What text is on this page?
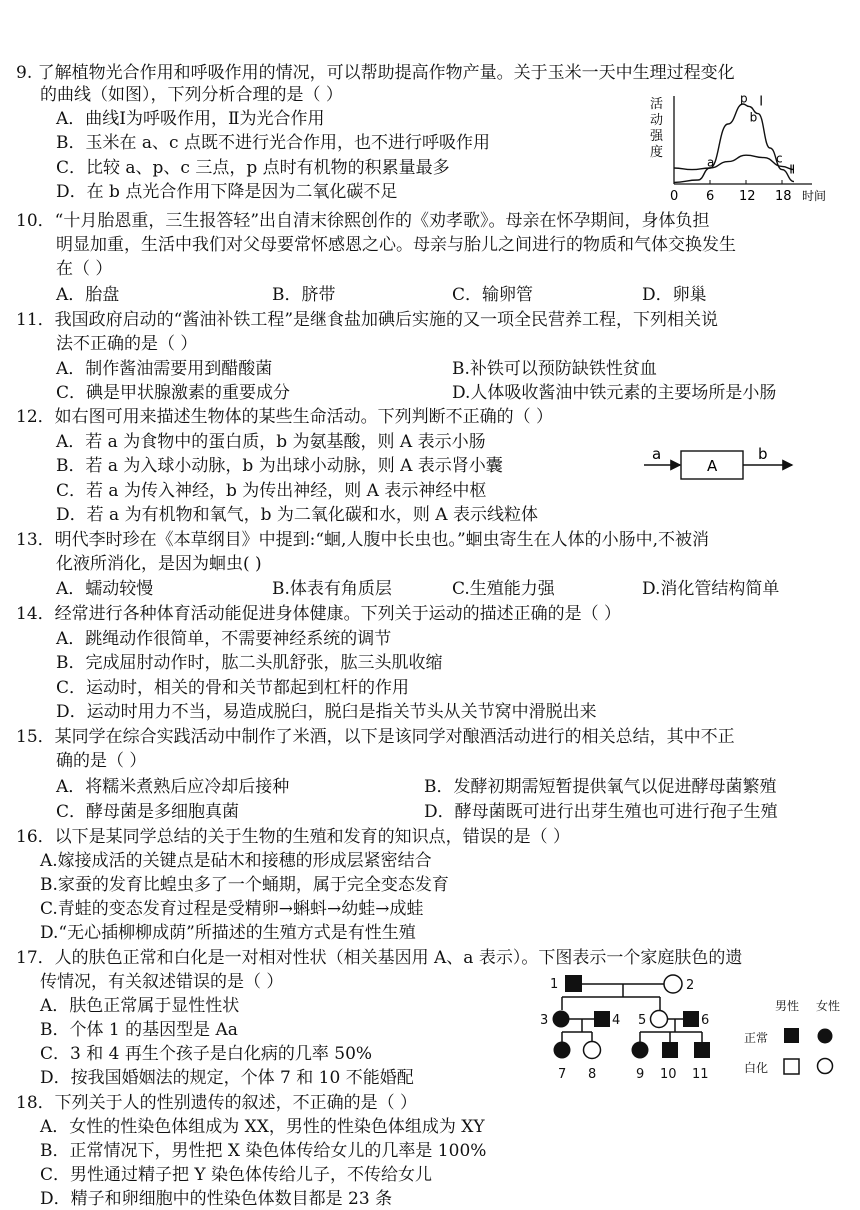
9. 了解植物光合作用和呼吸作用的情况，可以帮助提高作物产量。关于玉米一天中生理过程变化
的曲线（如图），下列分析合理的是（ ）
A．曲线Ⅰ为呼吸作用，Ⅱ为光合作用
B．玉米在 a、c 点既不进行光合作用，也不进行呼吸作用
C．比较 a、p、c 三点，p 点时有机物的积累量最多
D．在 b 点光合作用下降是因为二氧化碳不足	0 6 12 18 时间
Ⅰ
Ⅱ
p
b
a	c
活
动
强
度
10．“十月胎恩重，三生报答轻”出自清末徐熙创作的《劝孝歌》。母亲在怀孕期间，身体负担
明显加重，生活中我们对父母要常怀感恩之心。母亲与胎儿之间进行的物质和气体交换发生
在（ ）
A．胎盘	B．脐带	C．输卵管	D．卵巢
11．我国政府启动的“酱油补铁工程”是继食盐加碘后实施的又一项全民营养工程，下列相关说
法不正确的是（ ）
A．制作酱油需要用到醋酸菌	B.补铁可以预防缺铁性贫血
C．碘是甲状腺激素的重要成分	D.人体吸收酱油中铁元素的主要场所是小肠
12．如右图可用来描述生物体的某些生命活动。下列判断不正确的（ ）
A．若 a 为食物中的蛋白质，b 为氨基酸，则 A 表示小肠
B．若 a 为入球小动脉，b 为出球小动脉，则 A 表示肾小囊
C．若 a 为传入神经，b 为传出神经，则 A 表示神经中枢
D．若 a 为有机物和氧气，b 为二氧化碳和水，则 A 表示线粒体
a
A
b
13．明代李时珍在《本草纲目》中提到:“蛔,人腹中长虫也。”蛔虫寄生在人体的小肠中,不被消
化液所消化，是因为蛔虫( )
A．蠕动较慢	B.体表有角质层	C.生殖能力强	D.消化管结构简单
14．经常进行各种体育活动能促进身体健康。下列关于运动的描述正确的是（ ）
A．跳绳动作很简单，不需要神经系统的调节
B．完成屈肘动作时，肱二头肌舒张，肱三头肌收缩
C．运动时，相关的骨和关节都起到杠杆的作用
D．运动时用力不当，易造成脱臼，脱臼是指关节头从关节窝中滑脱出来
15．某同学在综合实践活动中制作了米酒，以下是该同学对酿酒活动进行的相关总结，其中不正
确的是（ ）
A．将糯米煮熟后应冷却后接种	B．发酵初期需短暂提供氧气以促进酵母菌繁殖
C．酵母菌是多细胞真菌	D．酵母菌既可进行出芽生殖也可进行孢子生殖
16．以下是某同学总结的关于生物的生殖和发育的知识点，错误的是（ ）
A.嫁接成活的关键点是砧木和接穗的形成层紧密结合
B.家蚕的发育比蝗虫多了一个蛹期，属于完全变态发育
C.青蛙的变态发育过程是受精卵→蝌蚪→幼蛙→成蛙
D.“无心插柳柳成荫”所描述的生殖方式是有性生殖
17．人的肤色正常和白化是一对相对性状（相关基因用 A、a 表示）。下图表示一个家庭肤色的遗
传情况，有关叙述错误的是（ ）
A．肤色正常属于显性性状
B．个体 1 的基因型是 Aa
C．3 和 4 再生个孩子是白化病的几率 50%
D．按我国婚姻法的规定，个体 7 和 10 不能婚配
1	2
3	4 5	6
7 8	9 10 11
男性 女性
正常
白化
18．下列关于人的性别遗传的叙述，不正确的是（ ）
A．女性的性染色体组成为 XX，男性的性染色体组成为 XY
B．正常情况下，男性把 X 染色体传给女儿的几率是 100%
C．男性通过精子把 Y 染色体传给儿子，不传给女儿
D．精子和卵细胞中的性染色体数目都是 23 条
